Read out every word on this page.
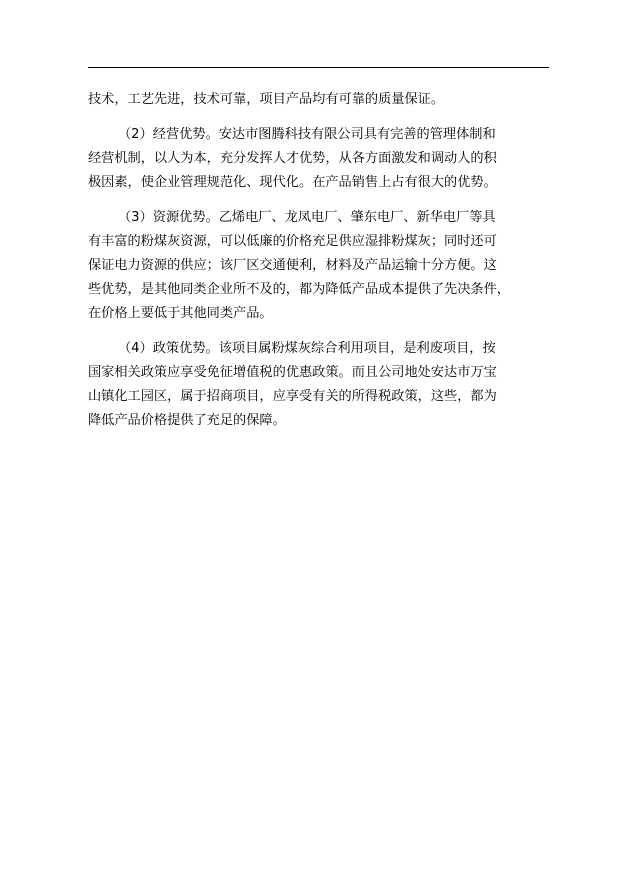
技术，工艺先进，技术可靠，项目产品均有可靠的质量保证。

（2）经营优势。安达市图腾科技有限公司具有完善的管理体制和
经营机制，以人为本，充分发挥人才优势，从各方面激发和调动人的积
极因素，使企业管理规范化、现代化。在产品销售上占有很大的优势。

（3）资源优势。乙烯电厂、龙凤电厂、肇东电厂、新华电厂等具
有丰富的粉煤灰资源，可以低廉的价格充足供应湿排粉煤灰；同时还可
保证电力资源的供应；该厂区交通便利，材料及产品运输十分方便。这
些优势，是其他同类企业所不及的，都为降低产品成本提供了先决条件，
在价格上要低于其他同类产品。

（4）政策优势。该项目属粉煤灰综合利用项目，是利废项目，按
国家相关政策应享受免征增值税的优惠政策。而且公司地处安达市万宝
山镇化工园区，属于招商项目，应享受有关的所得税政策，这些，都为
降低产品价格提供了充足的保障。
